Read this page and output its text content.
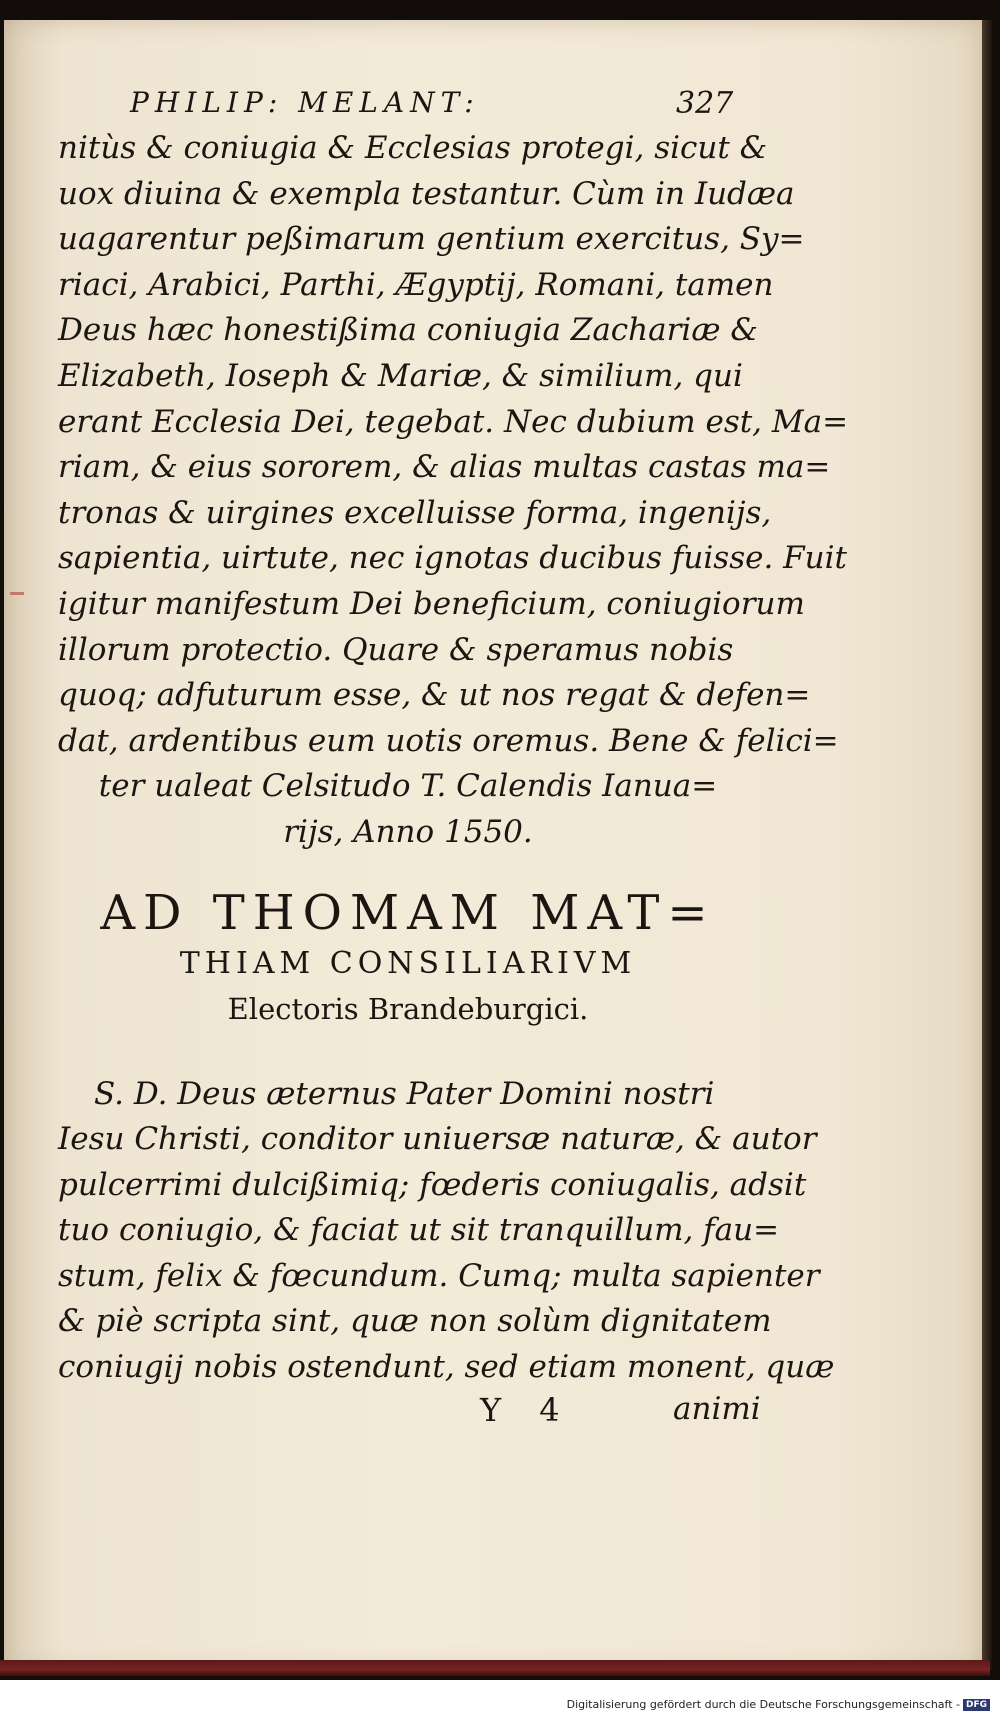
PHILIP: MELANT:	327
nitùs & coniugia & Ecclesias protegi, sicut &
uox diuina & exempla testantur. Cùm in Iudæa
uagarentur peßimarum gentium exercitus, Sy=
riaci, Arabici, Parthi, Ægyptij, Romani, tamen
Deus hæc honestißima coniugia Zachariæ &
Elizabeth, Ioseph & Mariæ, & similium, qui
erant Ecclesia Dei, tegebat. Nec dubium est, Ma=
riam, & eius sororem, & alias multas castas ma=
tronas & uirgines excelluisse forma, ingenijs,
sapientia, uirtute, nec ignotas ducibus fuisse. Fuit
igitur manifestum Dei beneficium, coniugiorum
illorum protectio. Quare & speramus nobis
quoq; adfuturum esse, & ut nos regat & defen=
dat, ardentibus eum uotis oremus. Bene & felici=
ter ualeat Celsitudo T. Calendis Ianua=
rijs, Anno 1550.
AD THOMAM MAT=
THIAM CONSILIARIVM
Electoris Brandeburgici.
S. D. Deus æternus Pater Domini nostri
Iesu Christi, conditor uniuersæ naturæ, & autor
pulcerrimi dulcißimiq; fœderis coniugalis, adsit
tuo coniugio, & faciat ut sit tranquillum, fau=
stum, felix & fœcundum. Cumq; multa sapienter
& piè scripta sint, quæ non solùm dignitatem
coniugij nobis ostendunt, sed etiam monent, quæ
Y 4	animi
Digitalisierung gefördert durch die Deutsche Forschungsgemeinschaft - DFG
